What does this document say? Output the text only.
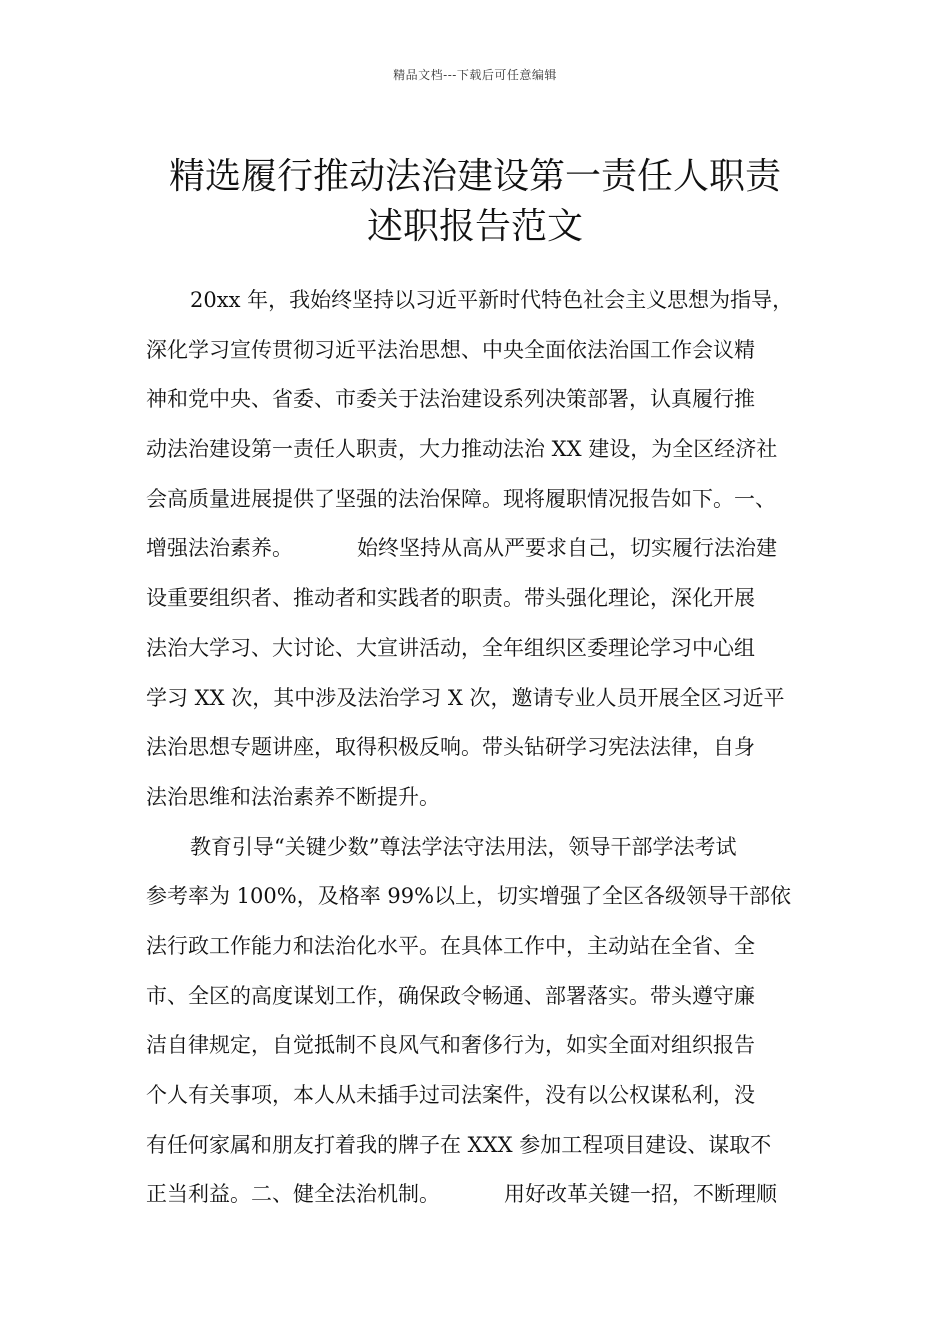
精品文档---下载后可任意编辑
精选履行推动法治建设第一责任人职责
述职报告范文
20xx 年，我始终坚持以习近平新时代特色社会主义思想为指导，
深化学习宣传贯彻习近平法治思想、中央全面依法治国工作会议精
神和党中央、省委、市委关于法治建设系列决策部署，认真履行推
动法治建设第一责任人职责，大力推动法治 XX 建设，为全区经济社
会高质量进展提供了坚强的法治保障。现将履职情况报告如下。一、
增强法治素养。	始终坚持从高从严要求自己，切实履行法治建
设重要组织者、推动者和实践者的职责。带头强化理论，深化开展
法治大学习、大讨论、大宣讲活动，全年组织区委理论学习中心组
学习 XX 次，其中涉及法治学习 X 次，邀请专业人员开展全区习近平
法治思想专题讲座，取得积极反响。带头钻研学习宪法法律，自身
法治思维和法治素养不断提升。
教育引导“关键少数”尊法学法守法用法，领导干部学法考试
参考率为 100%，及格率 99%以上，切实增强了全区各级领导干部依
法行政工作能力和法治化水平。在具体工作中，主动站在全省、全
市、全区的高度谋划工作，确保政令畅通、部署落实。带头遵守廉
洁自律规定，自觉抵制不良风气和奢侈行为，如实全面对组织报告
个人有关事项，本人从未插手过司法案件，没有以公权谋私利，没
有任何家属和朋友打着我的牌子在 XXX 参加工程项目建设、谋取不
正当利益。二、健全法治机制。	用好改革关键一招，不断理顺
